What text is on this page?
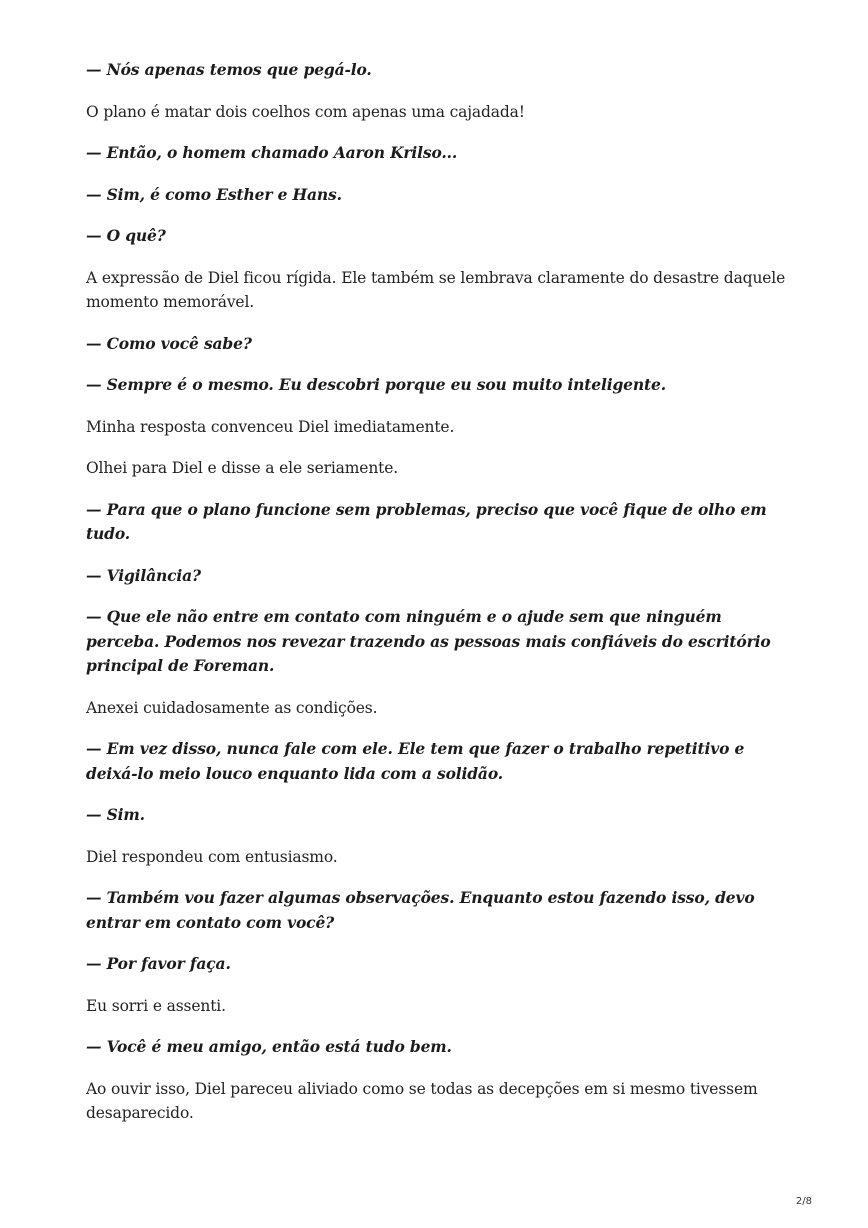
— Nós apenas temos que pegá-lo.

O plano é matar dois coelhos com apenas uma cajadada!

— Então, o homem chamado Aaron Krilso...

— Sim, é como Esther e Hans.

— O quê?

A expressão de Diel ficou rígida. Ele também se lembrava claramente do desastre daquele momento memorável.

— Como você sabe?

— Sempre é o mesmo. Eu descobri porque eu sou muito inteligente.

Minha resposta convenceu Diel imediatamente.

Olhei para Diel e disse a ele seriamente.

— Para que o plano funcione sem problemas, preciso que você fique de olho em tudo.

— Vigilância?

— Que ele não entre em contato com ninguém e o ajude sem que ninguém perceba. Podemos nos revezar trazendo as pessoas mais confiáveis do escritório principal de Foreman.

Anexei cuidadosamente as condições.

— Em vez disso, nunca fale com ele. Ele tem que fazer o trabalho repetitivo e deixá-lo meio louco enquanto lida com a solidão.

— Sim.

Diel respondeu com entusiasmo.

— Também vou fazer algumas observações. Enquanto estou fazendo isso, devo entrar em contato com você?

— Por favor faça.

Eu sorri e assenti.

— Você é meu amigo, então está tudo bem.

Ao ouvir isso, Diel pareceu aliviado como se todas as decepções em si mesmo tivessem desaparecido.

2/8
